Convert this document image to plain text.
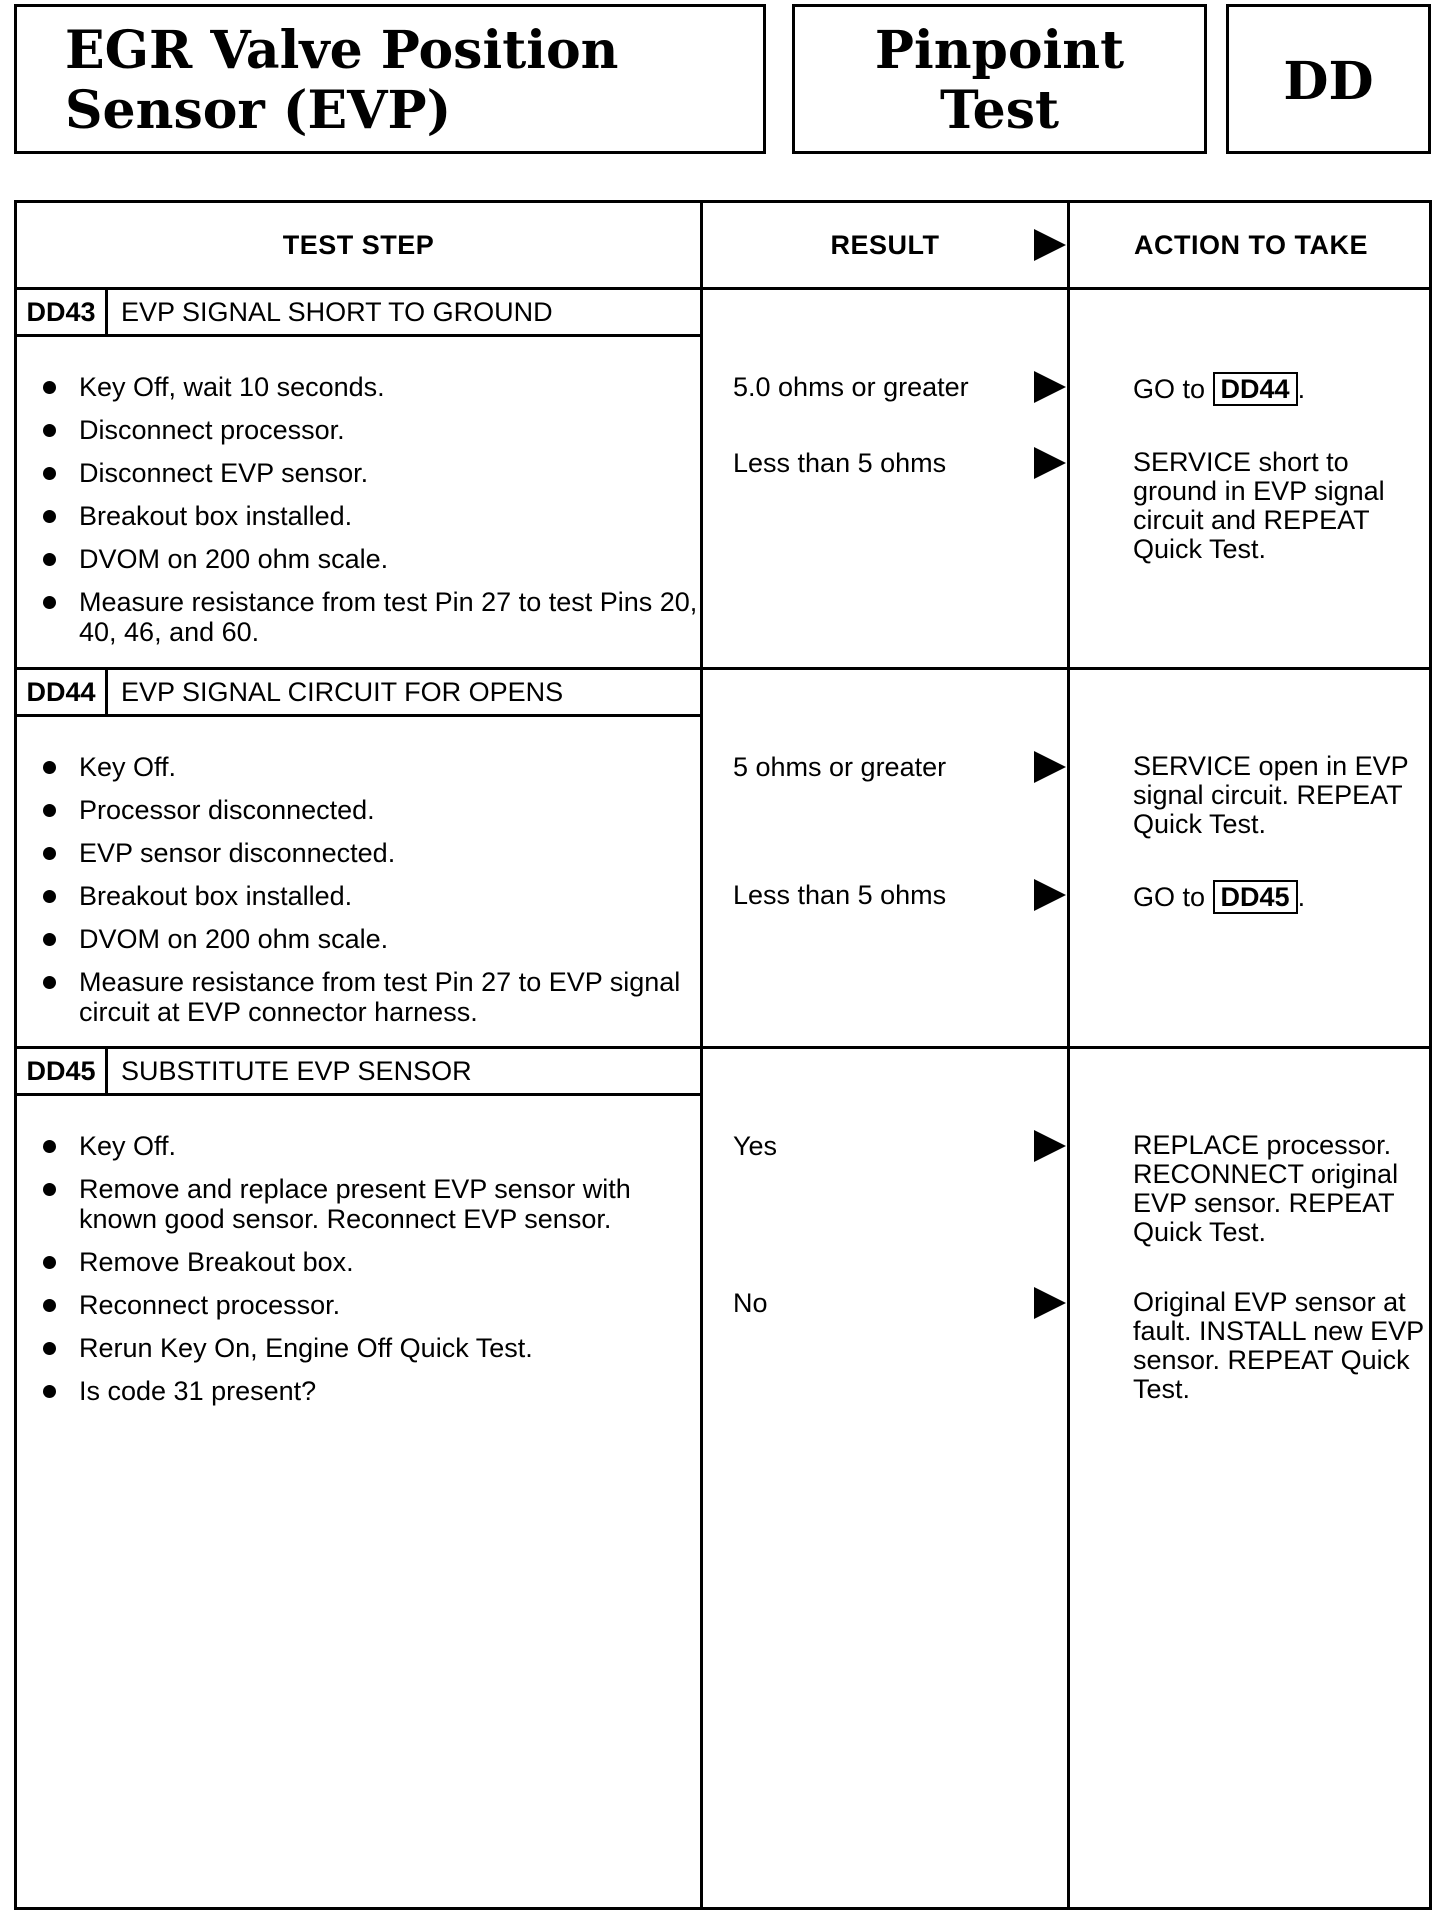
EGR Valve Position
Sensor (EVP)
Pinpoint
Test	DD
TEST STEP	RESULT	ACTION TO TAKE
DD43 EVP SIGNAL SHORT TO GROUND
Key Off, wait 10 seconds.
Disconnect processor.
Disconnect EVP sensor.
Breakout box installed.
DVOM on 200 ohm scale.
Measure resistance from test Pin 27 to test Pins 20, 40, 46, and 60.
5.0 ohms or greater	GO to DD44 .
Less than 5 ohms	SERVICE short to ground in EVP signal circuit and REPEAT Quick Test.
DD44 EVP SIGNAL CIRCUIT FOR OPENS
Key Off.
Processor disconnected.
EVP sensor disconnected.
Breakout box installed.
DVOM on 200 ohm scale.
Measure resistance from test Pin 27 to EVP signal circuit at EVP connector harness.
5 ohms or greater	SERVICE open in EVP signal circuit. REPEAT Quick Test.
Less than 5 ohms	GO to DD45 .
DD45 SUBSTITUTE EVP SENSOR
Key Off.
Remove and replace present EVP sensor with known good sensor. Reconnect EVP sensor.
Remove Breakout box.
Reconnect processor.
Rerun Key On, Engine Off Quick Test.
Is code 31 present?
Yes	REPLACE processor. RECONNECT original EVP sensor. REPEAT Quick Test.
No	Original EVP sensor at fault. INSTALL new EVP sensor. REPEAT Quick Test.
